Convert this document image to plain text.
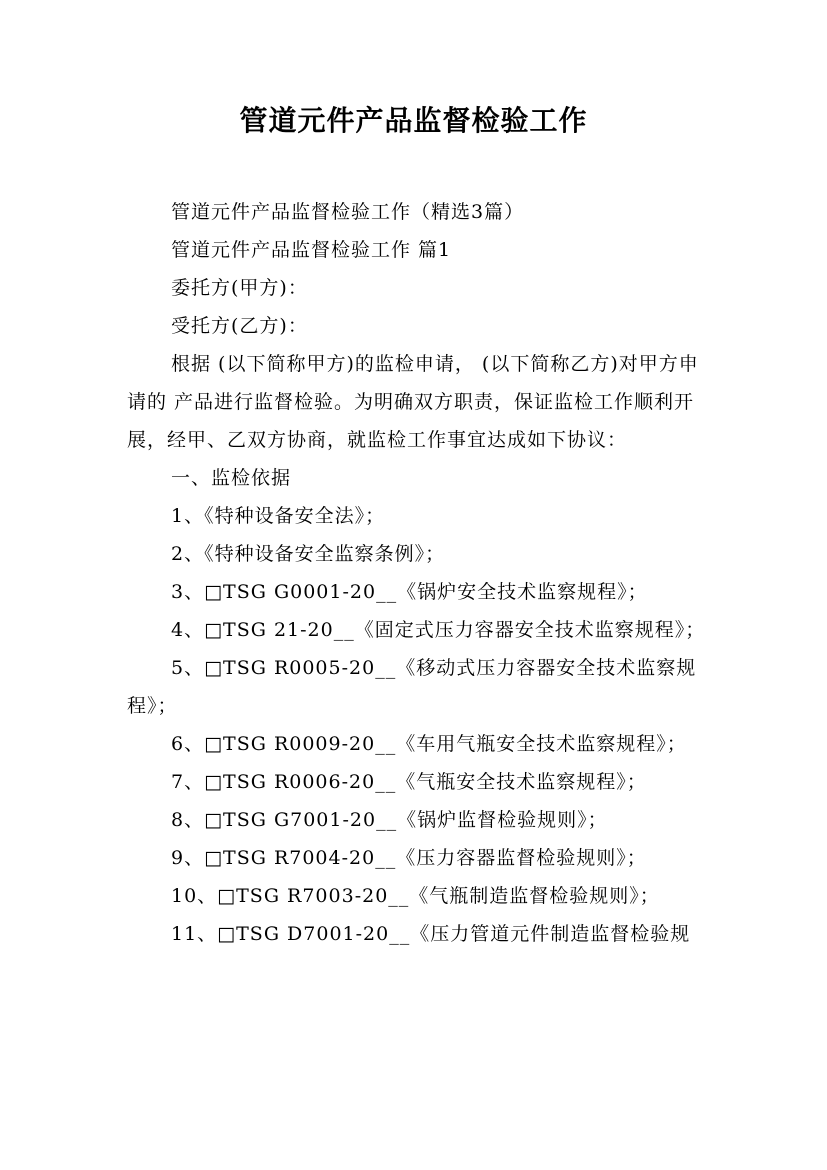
管道元件产品监督检验工作

管道元件产品监督检验工作（精选3篇）

管道元件产品监督检验工作 篇1

委托方(甲方)：

受托方(乙方)：

根据 (以下简称甲方)的监检申请， (以下简称乙方)对甲方申请的 产品进行监督检验。为明确双方职责，保证监检工作顺利开展，经甲、乙双方协商，就监检工作事宜达成如下协议：

一、监检依据

1、《特种设备安全法》；

2、《特种设备安全监察条例》；

3、□TSG G0001-20__《锅炉安全技术监察规程》；

4、□TSG 21-20__《固定式压力容器安全技术监察规程》；

5、□TSG R0005-20__《移动式压力容器安全技术监察规程》；

6、□TSG R0009-20__《车用气瓶安全技术监察规程》；

7、□TSG R0006-20__《气瓶安全技术监察规程》；

8、□TSG G7001-20__《锅炉监督检验规则》；

9、□TSG R7004-20__《压力容器监督检验规则》；

10、□TSG R7003-20__《气瓶制造监督检验规则》；

11、□TSG D7001-20__《压力管道元件制造监督检验规
